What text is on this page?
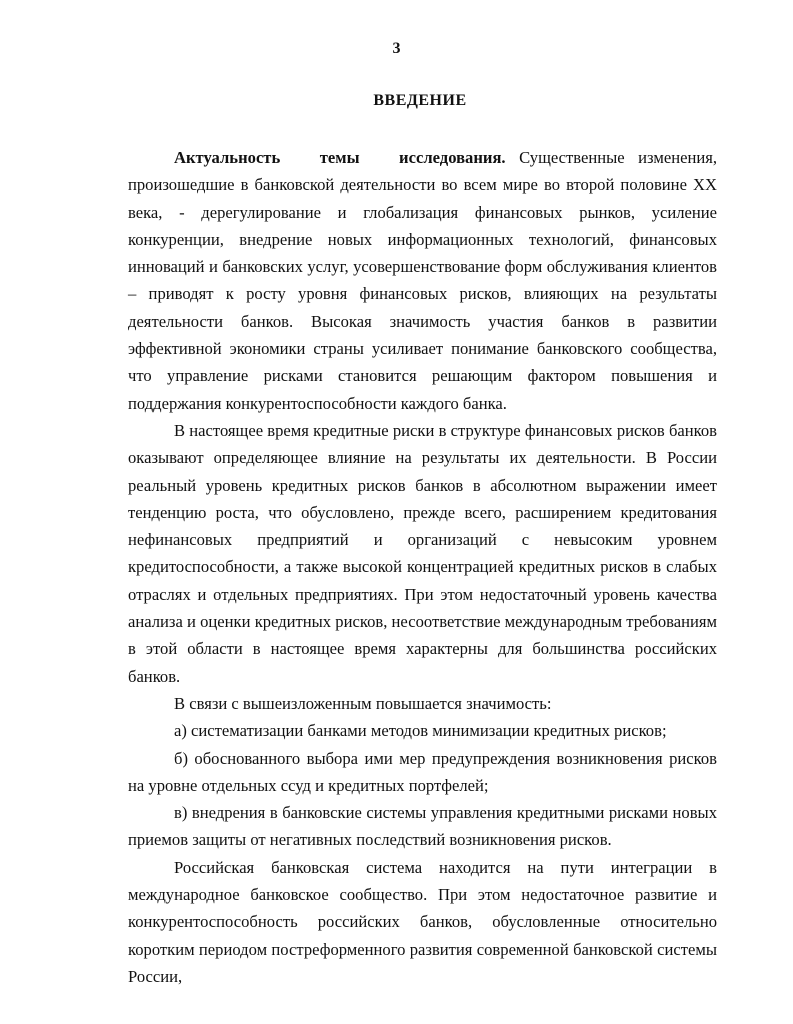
3
ВВЕДЕНИЕ

Актуальность темы исследования. Существенные изменения, произошедшие в банковской деятельности во всем мире во второй половине XX века, - дерегулирование и глобализация финансовых рынков, усиление конкуренции, внедрение новых информационных технологий, финансовых инноваций и банковских услуг, усовершенствование форм обслуживания клиентов – приводят к росту уровня финансовых рисков, влияющих на результаты деятельности банков. Высокая значимость участия банков в развитии эффективной экономики страны усиливает понимание банковского сообщества, что управление рисками становится решающим фактором повышения и поддержания конкурентоспособности каждого банка.

В настоящее время кредитные риски в структуре финансовых рисков банков оказывают определяющее влияние на результаты их деятельности. В России реальный уровень кредитных рисков банков в абсолютном выражении имеет тенденцию роста, что обусловлено, прежде всего, расширением кредитования нефинансовых предприятий и организаций с невысоким уровнем кредитоспособности, а также высокой концентрацией кредитных рисков в слабых отраслях и отдельных предприятиях. При этом недостаточный уровень качества анализа и оценки кредитных рисков, несоответствие международным требованиям в этой области в настоящее время характерны для большинства российских банков.

В связи с вышеизложенным повышается значимость:

а) систематизации банками методов минимизации кредитных рисков;

б) обоснованного выбора ими мер предупреждения возникновения рисков на уровне отдельных ссуд и кредитных портфелей;

в) внедрения в банковские системы управления кредитными рисками новых приемов защиты от негативных последствий возникновения рисков.

Российская банковская система находится на пути интеграции в международное банковское сообщество. При этом недостаточное развитие и конкурентоспособность российских банков, обусловленные относительно коротким периодом постреформенного развития современной банковской системы России,
